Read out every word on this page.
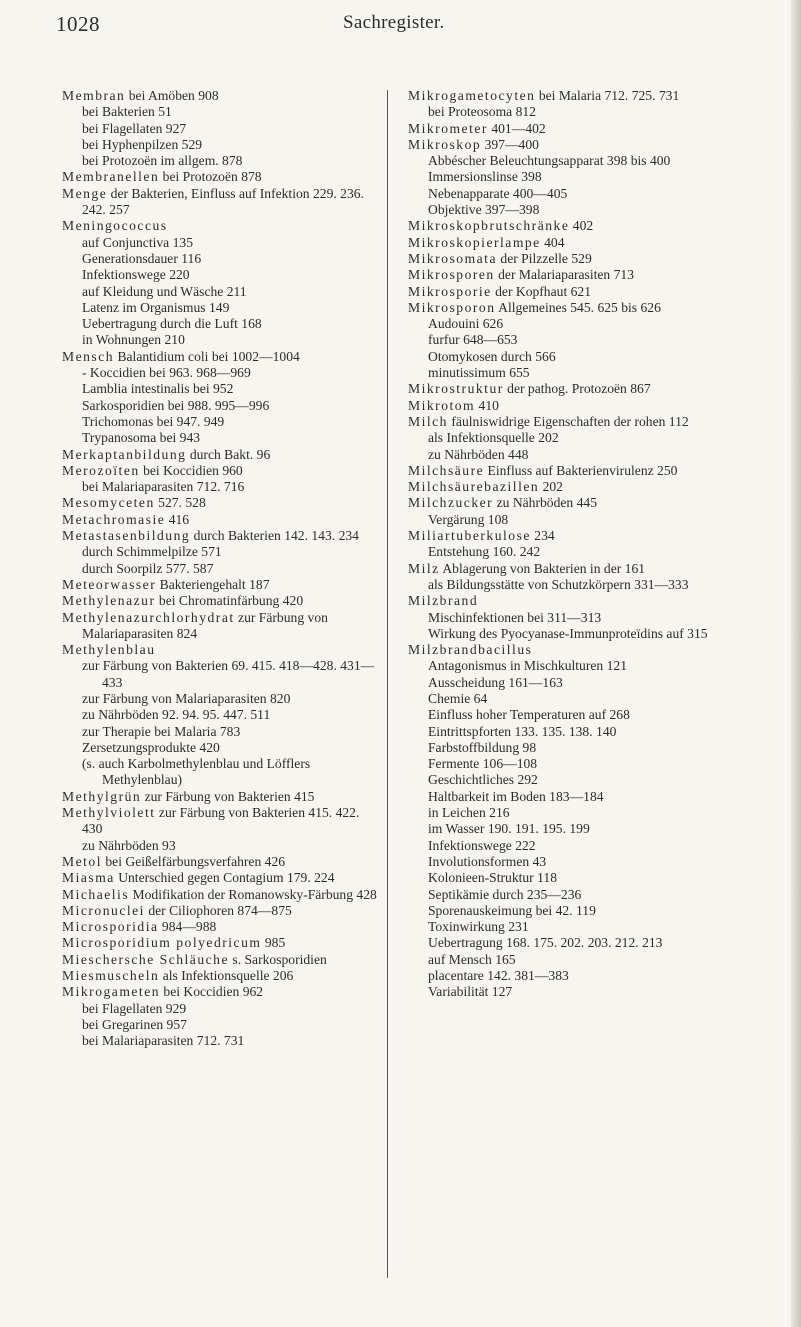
1028	Sachregister.

Membran bei Amöben 908

bei Bakterien 51

bei Flagellaten 927

bei Hyphenpilzen 529

bei Protozoën im allgem. 878

Membranellen bei Protozoën 878

Menge der Bakterien, Einfluss auf Infektion 229. 236. 242. 257

Meningococcus

auf Conjunctiva 135

Generationsdauer 116

Infektionswege 220

auf Kleidung und Wäsche 211

Latenz im Organismus 149

Uebertragung durch die Luft 168

in Wohnungen 210

Mensch Balantidium coli bei 1002—1004

- Koccidien bei 963. 968—969

Lamblia intestinalis bei 952

Sarkosporidien bei 988. 995—996

Trichomonas bei 947. 949

Trypanosoma bei 943

Merkaptanbildung durch Bakt. 96

Merozoïten bei Koccidien 960

bei Malariaparasiten 712. 716

Mesomyceten 527. 528

Metachromasie 416

Metastasenbildung durch Bakterien 142. 143. 234

durch Schimmelpilze 571

durch Soorpilz 577. 587

Meteorwasser Bakteriengehalt 187

Methylenazur bei Chromatinfärbung 420

Methylenazurchlorhydrat zur Färbung von Malariaparasiten 824

Methylenblau

zur Färbung von Bakterien 69. 415. 418—428. 431—433

zur Färbung von Malariaparasiten 820

zu Nährböden 92. 94. 95. 447. 511

zur Therapie bei Malaria 783

Zersetzungsprodukte 420

(s. auch Karbolmethylenblau und Löfflers Methylenblau)

Methylgrün zur Färbung von Bakterien 415

Methylviolett zur Färbung von Bakterien 415. 422. 430

zu Nährböden 93

Metol bei Geißelfärbungsverfahren 426

Miasma Unterschied gegen Contagium 179. 224

Michaelis Modifikation der Romanowsky-Färbung 428

Micronuclei der Ciliophoren 874—875

Microsporidia 984—988

Microsporidium polyedricum 985

Mieschersche Schläuche s. Sarkosporidien

Miesmuscheln als Infektionsquelle 206

Mikrogameten bei Koccidien 962

bei Flagellaten 929

bei Gregarinen 957

bei Malariaparasiten 712. 731

Mikrogametocyten bei Malaria 712. 725. 731

bei Proteosoma 812

Mikrometer 401—402

Mikroskop 397—400

Abbéscher Beleuchtungsapparat 398 bis 400

Immersionslinse 398

Nebenapparate 400—405

Objektive 397—398

Mikroskopbrutschränke 402

Mikroskopierlampe 404

Mikrosomata der Pilzzelle 529

Mikrosporen der Malariaparasiten 713

Mikrosporie der Kopfhaut 621

Mikrosporon Allgemeines 545. 625 bis 626

Audouini 626

furfur 648—653

Otomykosen durch 566

minutissimum 655

Mikrostruktur der pathog. Protozoën 867

Mikrotom 410

Milch fäulniswidrige Eigenschaften der rohen 112

als Infektionsquelle 202

zu Nährböden 448

Milchsäure Einfluss auf Bakterienvirulenz 250

Milchsäurebazillen 202

Milchzucker zu Nährböden 445

Vergärung 108

Miliartuberkulose 234

Entstehung 160. 242

Milz Ablagerung von Bakterien in der 161

als Bildungsstätte von Schutzkörpern 331—333

Milzbrand

Mischinfektionen bei 311—313

Wirkung des Pyocyanase-Immunproteïdins auf 315

Milzbrandbacillus

Antagonismus in Mischkulturen 121

Ausscheidung 161—163

Chemie 64

Einfluss hoher Temperaturen auf 268

Eintrittspforten 133. 135. 138. 140

Farbstoffbildung 98

Fermente 106—108

Geschichtliches 292

Haltbarkeit im Boden 183—184

in Leichen 216

im Wasser 190. 191. 195. 199

Infektionswege 222

Involutionsformen 43

Kolonieen-Struktur 118

Septikämie durch 235—236

Sporenauskeimung bei 42. 119

Toxinwirkung 231

Uebertragung 168. 175. 202. 203. 212. 213

auf Mensch 165

placentare 142. 381—383

Variabilität 127
